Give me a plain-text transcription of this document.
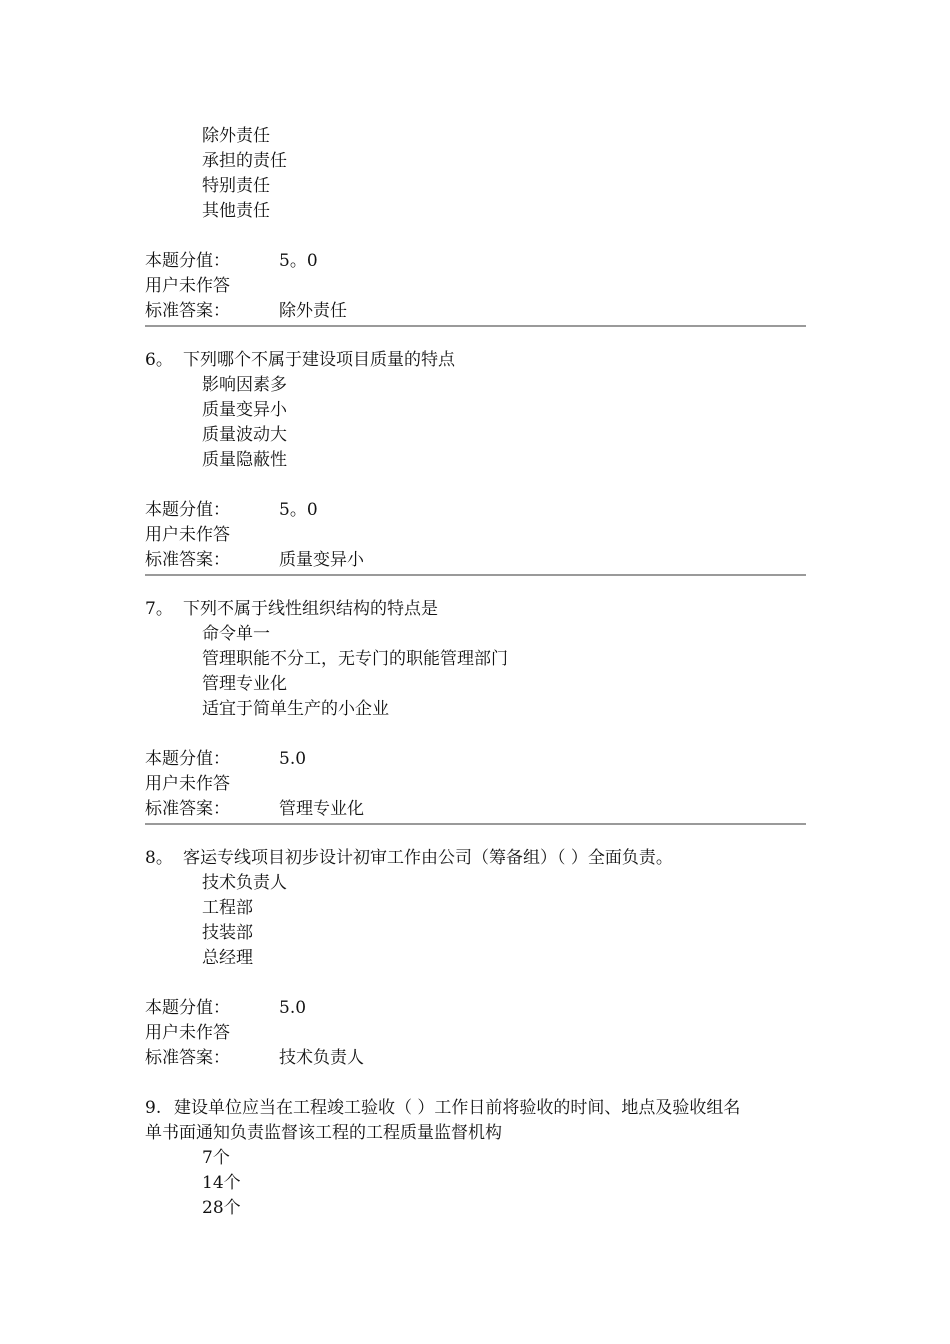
除外责任
承担的责任
特别责任
其他责任
本题分值：	5。0
用户未作答
标准答案：	除外责任
6。 下列哪个不属于建设项目质量的特点
影响因素多
质量变异小
质量波动大
质量隐蔽性
本题分值：	5。0
用户未作答
标准答案：	质量变异小
7。 下列不属于线性组织结构的特点是
命令单一
管理职能不分工，无专门的职能管理部门
管理专业化
适宜于简单生产的小企业
本题分值：	5.0
用户未作答
标准答案：	管理专业化
8。 客运专线项目初步设计初审工作由公司（筹备组）（ ）全面负责。
技术负责人
工程部
技装部
总经理
本题分值：	5.0
用户未作答
标准答案：	技术负责人
9. 建设单位应当在工程竣工验收（ ）工作日前将验收的时间、地点及验收组名
单书面通知负责监督该工程的工程质量监督机构
7个
14个
28个
